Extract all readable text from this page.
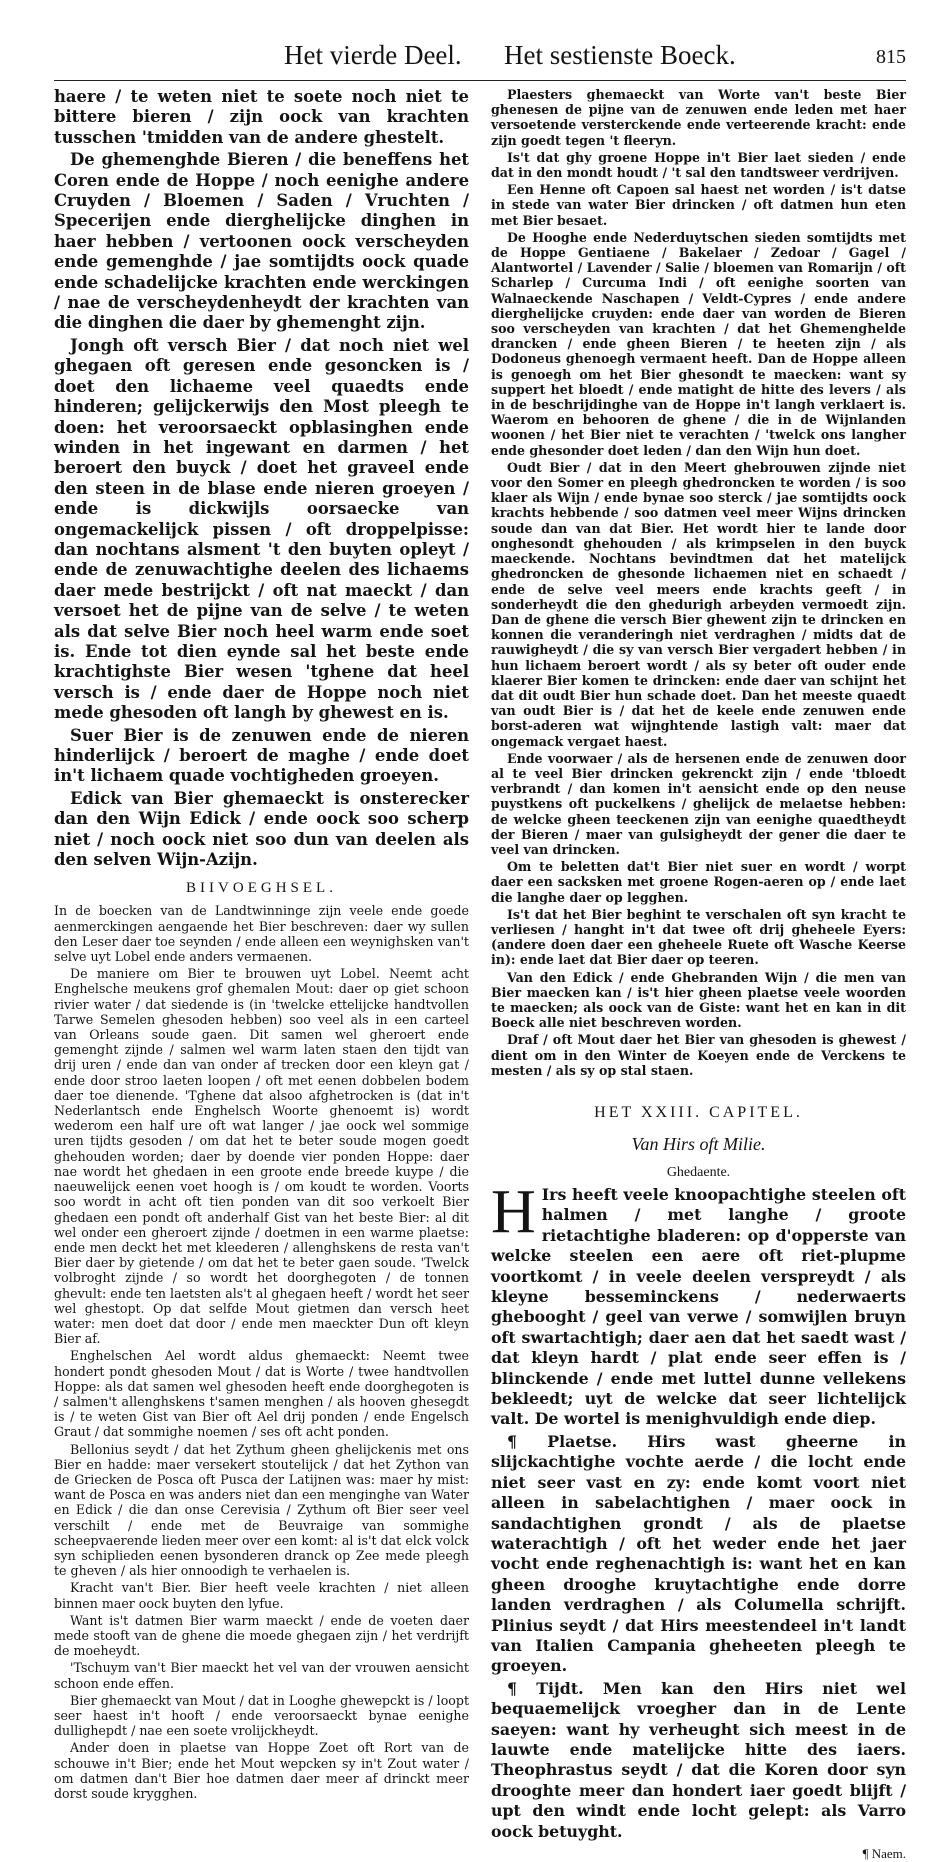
Het vierde Deel. Het sestienste Boeck.	815

haere / te weten niet te soete noch niet te bittere bieren / zijn oock van krachten tusschen 'tmidden van de andere ghestelt.

De ghemenghde Bieren / die beneffens het Coren ende de Hoppe / noch eenighe andere Cruyden / Bloemen / Saden / Vruchten / Specerijen ende dierghelijcke dinghen in haer hebben / vertoonen oock verscheyden ende gemenghde / jae somtijdts oock quade ende schadelijcke krachten ende werckingen / nae de verscheydenheydt der krachten van die dinghen die daer by ghemenght zijn.

Jongh oft versch Bier / dat noch niet wel ghegaen oft geresen ende gesoncken is / doet den lichaeme veel quaedts ende hinderen; gelijckerwijs den Most pleegh te doen: het veroorsaeckt opblasinghen ende winden in het ingewant en darmen / het beroert den buyck / doet het graveel ende den steen in de blase ende nieren groeyen / ende is dickwijls oorsaecke van ongemackelijck pissen / oft droppelpisse: dan nochtans alsment 't den buyten opleyt / ende de zenuwachtighe deelen des lichaems daer mede bestrijckt / oft nat maeckt / dan versoet het de pijne van de selve / te weten als dat selve Bier noch heel warm ende soet is. Ende tot dien eynde sal het beste ende krachtighste Bier wesen 'tghene dat heel versch is / ende daer de Hoppe noch niet mede ghesoden oft langh by ghewest en is.

Suer Bier is de zenuwen ende de nieren hinderlijck / beroert de maghe / ende doet in't lichaem quade vochtigheden groeyen.

Edick van Bier ghemaeckt is onsterecker dan den Wijn Edick / ende oock soo scherp niet / noch oock niet soo dun van deelen als den selven Wijn-Azijn.

BIIVOEGHSEL.

In de boecken van de Landtwinninge zijn veele ende goede aenmerckingen aengaende het Bier beschreven: daer wy sullen den Leser daer toe seynden / ende alleen een weynighsken van't selve uyt Lobel ende anders vermaenen.

De maniere om Bier te brouwen uyt Lobel. Neemt acht Enghelsche meukens grof ghemalen Mout: daer op giet schoon rivier water / dat siedende is (in 'twelcke ettelijcke handtvollen Tarwe Semelen ghesoden hebben) soo veel als in een carteel van Orleans soude gaen. Dit samen wel gheroert ende gemenght zijnde / salmen wel warm laten staen den tijdt van drij uren / ende dan van onder af trecken door een kleyn gat / ende door stroo laeten loopen / oft met eenen dobbelen bodem daer toe dienende. 'Tghene dat alsoo afghetrocken is (dat in't Nederlantsch ende Enghelsch Woorte ghenoemt is) wordt wederom een half ure oft wat langer / jae oock wel sommige uren tijdts gesoden / om dat het te beter soude mogen goedt ghehouden worden; daer by doende vier ponden Hoppe: daer nae wordt het ghedaen in een groote ende breede kuype / die naeuwelijck eenen voet hoogh is / om koudt te worden. Voorts soo wordt in acht oft tien ponden van dit soo verkoelt Bier ghedaen een pondt oft anderhalf Gist van het beste Bier: al dit wel onder een gheroert zijnde / doetmen in een warme plaetse: ende men deckt het met kleederen / allenghskens de resta van't Bier daer by gietende / om dat het te beter gaen soude. 'Twelck volbroght zijnde / so wordt het doorghegoten / de tonnen ghevult: ende ten laetsten als't al ghegaen heeft / wordt het seer wel ghestopt. Op dat selfde Mout gietmen dan versch heet water: men doet dat door / ende men maeckter Dun oft kleyn Bier af.

Enghelschen Ael wordt aldus ghemaeckt: Neemt twee hondert pondt ghesoden Mout / dat is Worte / twee handtvollen Hoppe: als dat samen wel ghesoden heeft ende doorghegoten is / salmen't allenghskens t'samen menghen / als hooven ghesegdt is / te weten Gist van Bier oft Ael drij ponden / ende Engelsch Graut / dat sommighe noemen / ses oft acht ponden.

Bellonius seydt / dat het Zythum gheen ghelijckenis met ons Bier en hadde: maer versekert stoutelijck / dat het Zython van de Griecken de Posca oft Pusca der Latijnen was: maer hy mist: want de Posca en was anders niet dan een menginghe van Water en Edick / die dan onse Cerevisia / Zythum oft Bier seer veel verschilt / ende met de Beuvraige van sommighe scheepvaerende lieden meer over een komt: al is't dat elck volck syn schiplieden eenen bysonderen dranck op Zee mede pleegh te gheven / als hier onnoodigh te verhaelen is.

Kracht van't Bier. Bier heeft veele krachten / niet alleen binnen maer oock buyten den lyfue.

Want is't datmen Bier warm maeckt / ende de voeten daer mede stooft van de ghene die moede ghegaen zijn / het verdrijft de moeheydt.

'Tschuym van't Bier maeckt het vel van der vrouwen aensicht schoon ende effen.

Bier ghemaeckt van Mout / dat in Looghe ghewepckt is / loopt seer haest in't hooft / ende veroorsaeckt bynae eenighe dullighepdt / nae een soete vrolijckheydt.

Ander doen in plaetse van Hoppe Zoet oft Rort van de schouwe in't Bier; ende het Mout wepcken sy in't Zout water / om datmen dan't Bier hoe datmen daer meer af drinckt meer dorst soude krygghen.

Plaesters ghemaeckt van Worte van't beste Bier ghenesen de pijne van de zenuwen ende leden met haer versoetende versterckende ende verteerende kracht: ende zijn goedt tegen 't fleeryn.

Is't dat ghy groene Hoppe in't Bier laet sieden / ende dat in den mondt houdt / 't sal den tandtsweer verdrijven.

Een Henne oft Capoen sal haest net worden / is't datse in stede van water Bier drincken / oft datmen hun eten met Bier besaet.

De Hooghe ende Nederduytschen sieden somtijdts met de Hoppe Gentiaene / Bakelaer / Zedoar / Gagel / Alantwortel / Lavender / Salie / bloemen van Romarijn / oft Scharlep / Curcuma Indi / oft eenighe soorten van Walnaeckende Naschapen / Veldt-Cypres / ende andere dierghelijcke cruyden: ende daer van worden de Bieren soo verscheyden van krachten / dat het Ghemenghelde drancken / ende gheen Bieren / te heeten zijn / als Dodoneus ghenoegh vermaent heeft. Dan de Hoppe alleen is genoegh om het Bier ghesondt te maecken: want sy suppert het bloedt / ende matight de hitte des levers / als in de beschrijdinghe van de Hoppe in't langh verklaert is. Waerom en behooren de ghene / die in de Wijnlanden woonen / het Bier niet te verachten / 'twelck ons langher ende ghesonder doet leden / dan den Wijn hun doet.

Oudt Bier / dat in den Meert ghebrouwen zijnde niet voor den Somer en pleegh ghedroncken te worden / is soo klaer als Wijn / ende bynae soo sterck / jae somtijdts oock krachts hebbende / soo datmen veel meer Wijns drincken soude dan van dat Bier. Het wordt hier te lande door onghesondt ghehouden / als krimpselen in den buyck maeckende. Nochtans bevindtmen dat het matelijck ghedroncken de ghesonde lichaemen niet en schaedt / ende de selve veel meers ende krachts geeft / in sonderheydt die den ghedurigh arbeyden vermoedt zijn. Dan de ghene die versch Bier ghewent zijn te drincken en konnen die veranderingh niet verdraghen / midts dat de rauwigheydt / die sy van versch Bier vergadert hebben / in hun lichaem beroert wordt / als sy beter oft ouder ende klaerer Bier komen te drincken: ende daer van schijnt het dat dit oudt Bier hun schade doet. Dan het meeste quaedt van oudt Bier is / dat het de keele ende zenuwen ende borst-aderen wat wijnghtende lastigh valt: maer dat ongemack vergaet haest.

Ende voorwaer / als de hersenen ende de zenuwen door al te veel Bier drincken gekrenckt zijn / ende 'tbloedt verbrandt / dan komen in't aensicht ende op den neuse puystkens oft puckelkens / ghelijck de melaetse hebben: de welcke gheen teeckenen zijn van eenighe quaedtheydt der Bieren / maer van gulsigheydt der gener die daer te veel van drincken.

Om te beletten dat't Bier niet suer en wordt / worpt daer een sacksken met groene Rogen-aeren op / ende laet die langhe daer op legghen.

Is't dat het Bier beghint te verschalen oft syn kracht te verliesen / hanght in't dat twee oft drij gheheele Eyers: (andere doen daer een gheheele Ruete oft Wasche Keerse in): ende laet dat Bier daer op teeren.

Van den Edick / ende Ghebranden Wijn / die men van Bier maecken kan / is't hier gheen plaetse veele woorden te maecken; als oock van de Giste: want het en kan in dit Boeck alle niet beschreven worden.

Draf / oft Mout daer het Bier van ghesoden is ghewest / dient om in den Winter de Koeyen ende de Verckens te mesten / als sy op stal staen.

HET XXIII. CAPITEL.
Van Hirs oft Milie.
Ghedaente.

H Irs heeft veele knoopachtighe steelen oft halmen / met langhe / groote rietachtighe bladeren: op d'opperste van welcke steelen een aere oft riet-plupme voortkomt / in veele deelen verspreydt / als kleyne besseminckens / nederwaerts ghebooght / geel van verwe / somwijlen bruyn oft swartachtigh; daer aen dat het saedt wast / dat kleyn hardt / plat ende seer effen is / blinckende / ende met luttel dunne vellekens bekleedt; uyt de welcke dat seer lichtelijck valt. De wortel is menighvuldigh ende diep.

¶ Plaetse. Hirs wast gheerne in slijckachtighe vochte aerde / die locht ende niet seer vast en zy: ende komt voort niet alleen in sabelachtighen / maer oock in sandachtighen grondt / als de plaetse waterachtigh / oft het weder ende het jaer vocht ende reghenachtigh is: want het en kan gheen drooghe kruytachtighe ende dorre landen verdraghen / als Columella schrijft. Plinius seydt / dat Hirs meestendeel in't landt van Italien Campania gheheeten pleegh te groeyen.

¶ Tijdt. Men kan den Hirs niet wel bequaemelijck vroegher dan in de Lente saeyen: want hy verheught sich meest in de lauwte ende matelijcke hitte des iaers. Theophrastus seydt / dat die Koren door syn drooghte meer dan hondert iaer goedt blijft / upt den windt ende locht gelept: als Varro oock betuyght.

¶ Naem.
